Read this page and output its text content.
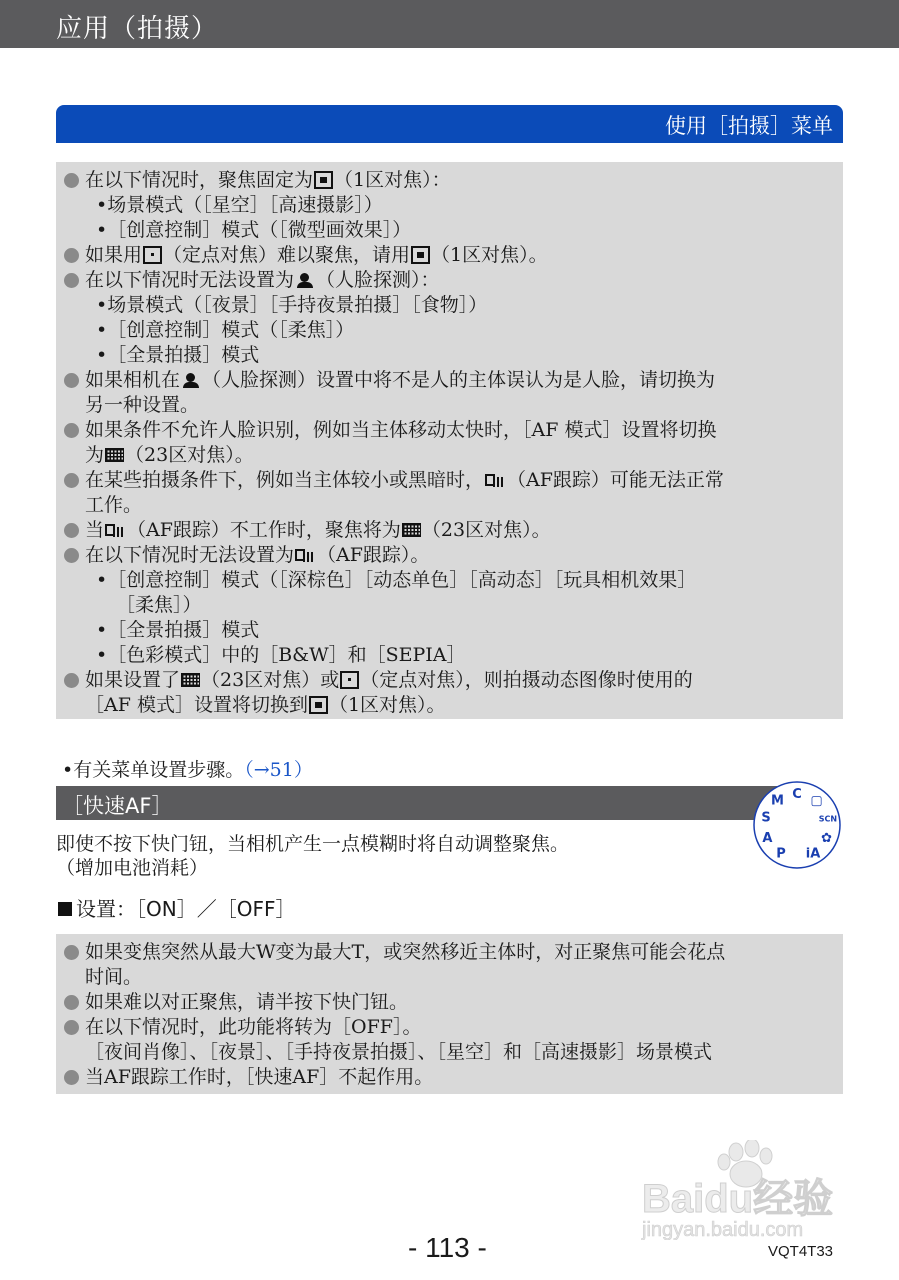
应用（拍摄）
使用［拍摄］菜单
在以下情况时，聚焦固定为 （1区对焦）：
•场景模式（［星空］［高速摄影］）
•［创意控制］模式（［微型画效果］）
如果用 （定点对焦）难以聚焦，请用 （1区对焦）。
在以下情况时无法设置为 （人脸探测）：
•场景模式（［夜景］［手持夜景拍摄］［食物］）
•［创意控制］模式（［柔焦］）
•［全景拍摄］模式
如果相机在 （人脸探测）设置中将不是人的主体误认为是人脸，请切换为
另一种设置。
如果条件不允许人脸识别，例如当主体移动太快时，［AF 模式］设置将切换
为 （23区对焦）。
在某些拍摄条件下，例如当主体较小或黑暗时， （AF跟踪）可能无法正常
工作。
当 （AF跟踪）不工作时，聚焦将为 （23区对焦）。
在以下情况时无法设置为 （AF跟踪）。
•［创意控制］模式（［深棕色］［动态单色］［高动态］［玩具相机效果］
［柔焦］）
•［全景拍摄］模式
•［色彩模式］中的［B&W］和［SEPIA］
如果设置了 （23区对焦）或 （定点对焦），则拍摄动态图像时使用的
［AF 模式］设置将切换到 （1区对焦）。
•有关菜单设置步骤。（→51）
［快速AF］
P
A
S
M C ▢
SCN
✿
iA
即使不按下快门钮，当相机产生一点模糊时将自动调整聚焦。
（增加电池消耗）
设置：［ON］／［OFF］
如果变焦突然从最大W变为最大T，或突然移近主体时，对正聚焦可能会花点
时间。
如果难以对正聚焦，请半按下快门钮。
在以下情况时，此功能将转为［OFF］。
［夜间肖像］、［夜景］、［手持夜景拍摄］、［星空］和［高速摄影］场景模式
当AF跟踪工作时，［快速AF］不起作用。
Baidu经验
jingyan.baidu.com
- 113 -	VQT4T33
